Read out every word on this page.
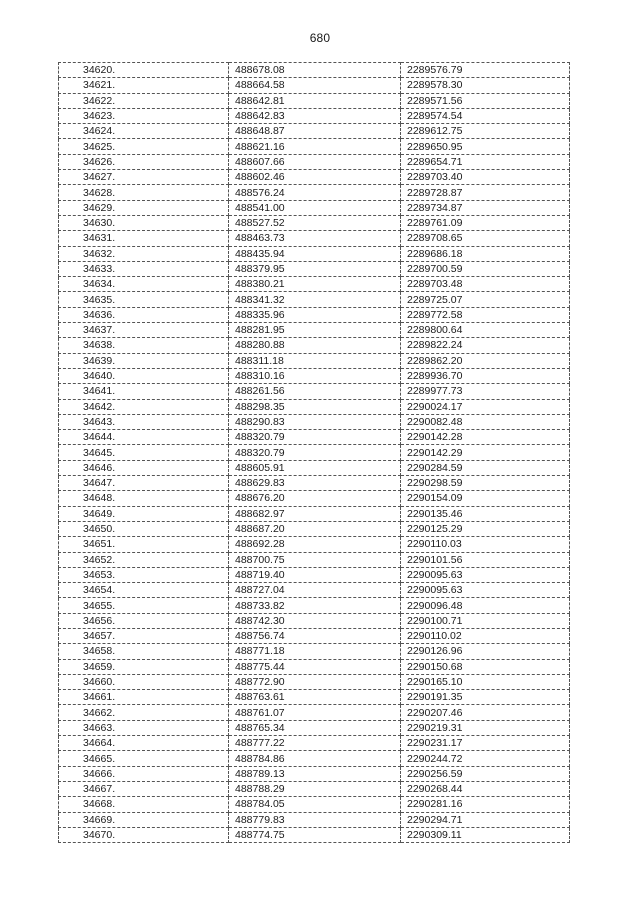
680
34620.	488678.08	2289576.79
34621.	488664.58	2289578.30
34622.	488642.81	2289571.56
34623.	488642.83	2289574.54
34624.	488648.87	2289612.75
34625.	488621.16	2289650.95
34626.	488607.66	2289654.71
34627.	488602.46	2289703.40
34628.	488576.24	2289728.87
34629.	488541.00	2289734.87
34630.	488527.52	2289761.09
34631.	488463.73	2289708.65
34632.	488435.94	2289686.18
34633.	488379.95	2289700.59
34634.	488380.21	2289703.48
34635.	488341.32	2289725.07
34636.	488335.96	2289772.58
34637.	488281.95	2289800.64
34638.	488280.88	2289822.24
34639.	488311.18	2289862.20
34640.	488310.16	2289936.70
34641.	488261.56	2289977.73
34642.	488298.35	2290024.17
34643.	488290.83	2290082.48
34644.	488320.79	2290142.28
34645.	488320.79	2290142.29
34646.	488605.91	2290284.59
34647.	488629.83	2290298.59
34648.	488676.20	2290154.09
34649.	488682.97	2290135.46
34650.	488687.20	2290125.29
34651.	488692.28	2290110.03
34652.	488700.75	2290101.56
34653.	488719.40	2290095.63
34654.	488727.04	2290095.63
34655.	488733.82	2290096.48
34656.	488742.30	2290100.71
34657.	488756.74	2290110.02
34658.	488771.18	2290126.96
34659.	488775.44	2290150.68
34660.	488772.90	2290165.10
34661.	488763.61	2290191.35
34662.	488761.07	2290207.46
34663.	488765.34	2290219.31
34664.	488777.22	2290231.17
34665.	488784.86	2290244.72
34666.	488789.13	2290256.59
34667.	488788.29	2290268.44
34668.	488784.05	2290281.16
34669.	488779.83	2290294.71
34670.	488774.75	2290309.11
